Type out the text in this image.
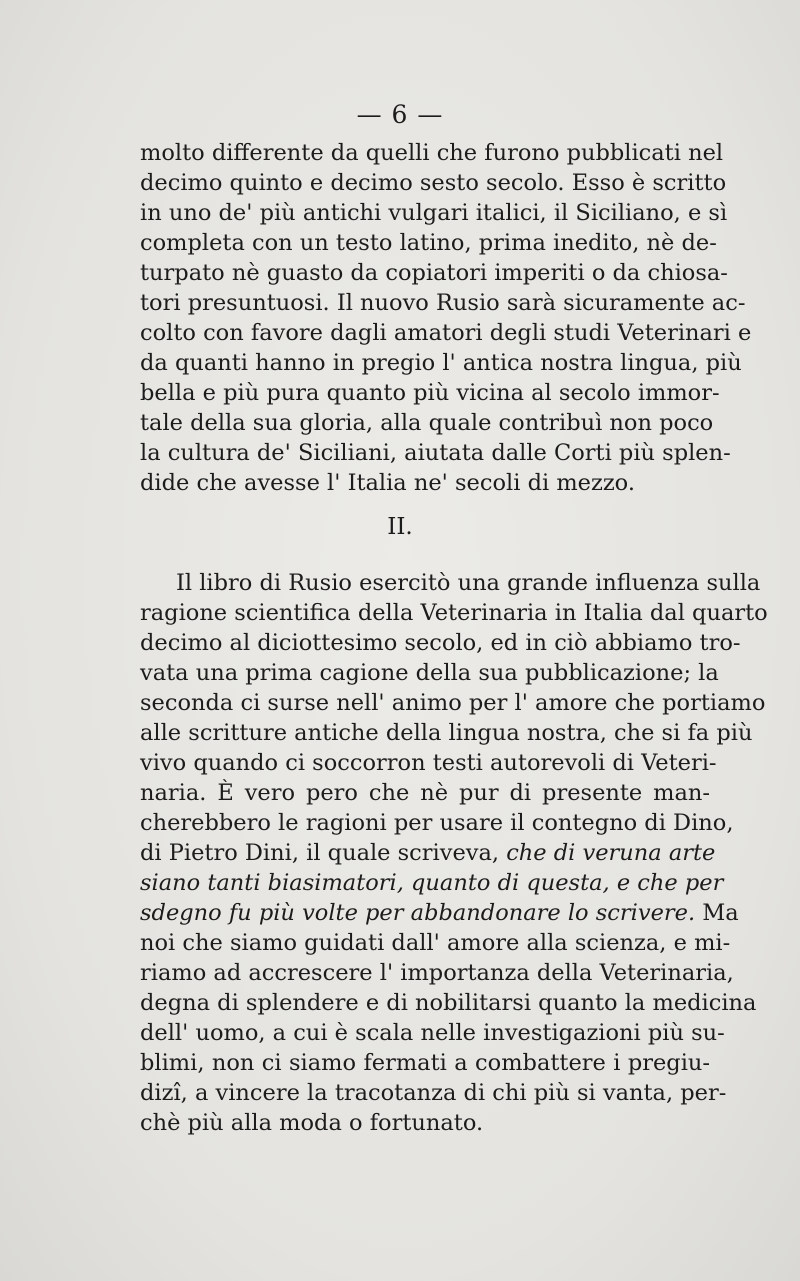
— 6 —
molto differente da quelli che furono pubblicati nel
decimo quinto e decimo sesto secolo. Esso è scritto
in uno de' più antichi vulgari italici, il Siciliano, e sì
completa con un testo latino, prima inedito, nè de-
turpato nè guasto da copiatori imperiti o da chiosa-
tori presuntuosi. Il nuovo Rusio sarà sicuramente ac-
colto con favore dagli amatori degli studi Veterinari e
da quanti hanno in pregio l' antica nostra lingua, più
bella e più pura quanto più vicina al secolo immor-
tale della sua gloria, alla quale contribuì non poco
la cultura de' Siciliani, aiutata dalle Corti più splen-
dide che avesse l' Italia ne' secoli di mezzo.
II.
Il libro di Rusio esercitò una grande influenza sulla
ragione scientifica della Veterinaria in Italia dal quarto
decimo al diciottesimo secolo, ed in ciò abbiamo tro-
vata una prima cagione della sua pubblicazione; la
seconda ci surse nell' animo per l' amore che portiamo
alle scritture antiche della lingua nostra, che si fa più
vivo quando ci soccorron testi autorevoli di Veteri-
naria. È vero pero che nè pur di presente man-
cherebbero le ragioni per usare il contegno di Dino,
di Pietro Dini, il quale scriveva, che di veruna arte
siano tanti biasimatori, quanto di questa, e che per
sdegno fu più volte per abbandonare lo scrivere. Ma
noi che siamo guidati dall' amore alla scienza, e mi-
riamo ad accrescere l' importanza della Veterinaria,
degna di splendere e di nobilitarsi quanto la medicina
dell' uomo, a cui è scala nelle investigazioni più su-
blimi, non ci siamo fermati a combattere i pregiu-
dizî, a vincere la tracotanza di chi più si vanta, per-
chè più alla moda o fortunato.
